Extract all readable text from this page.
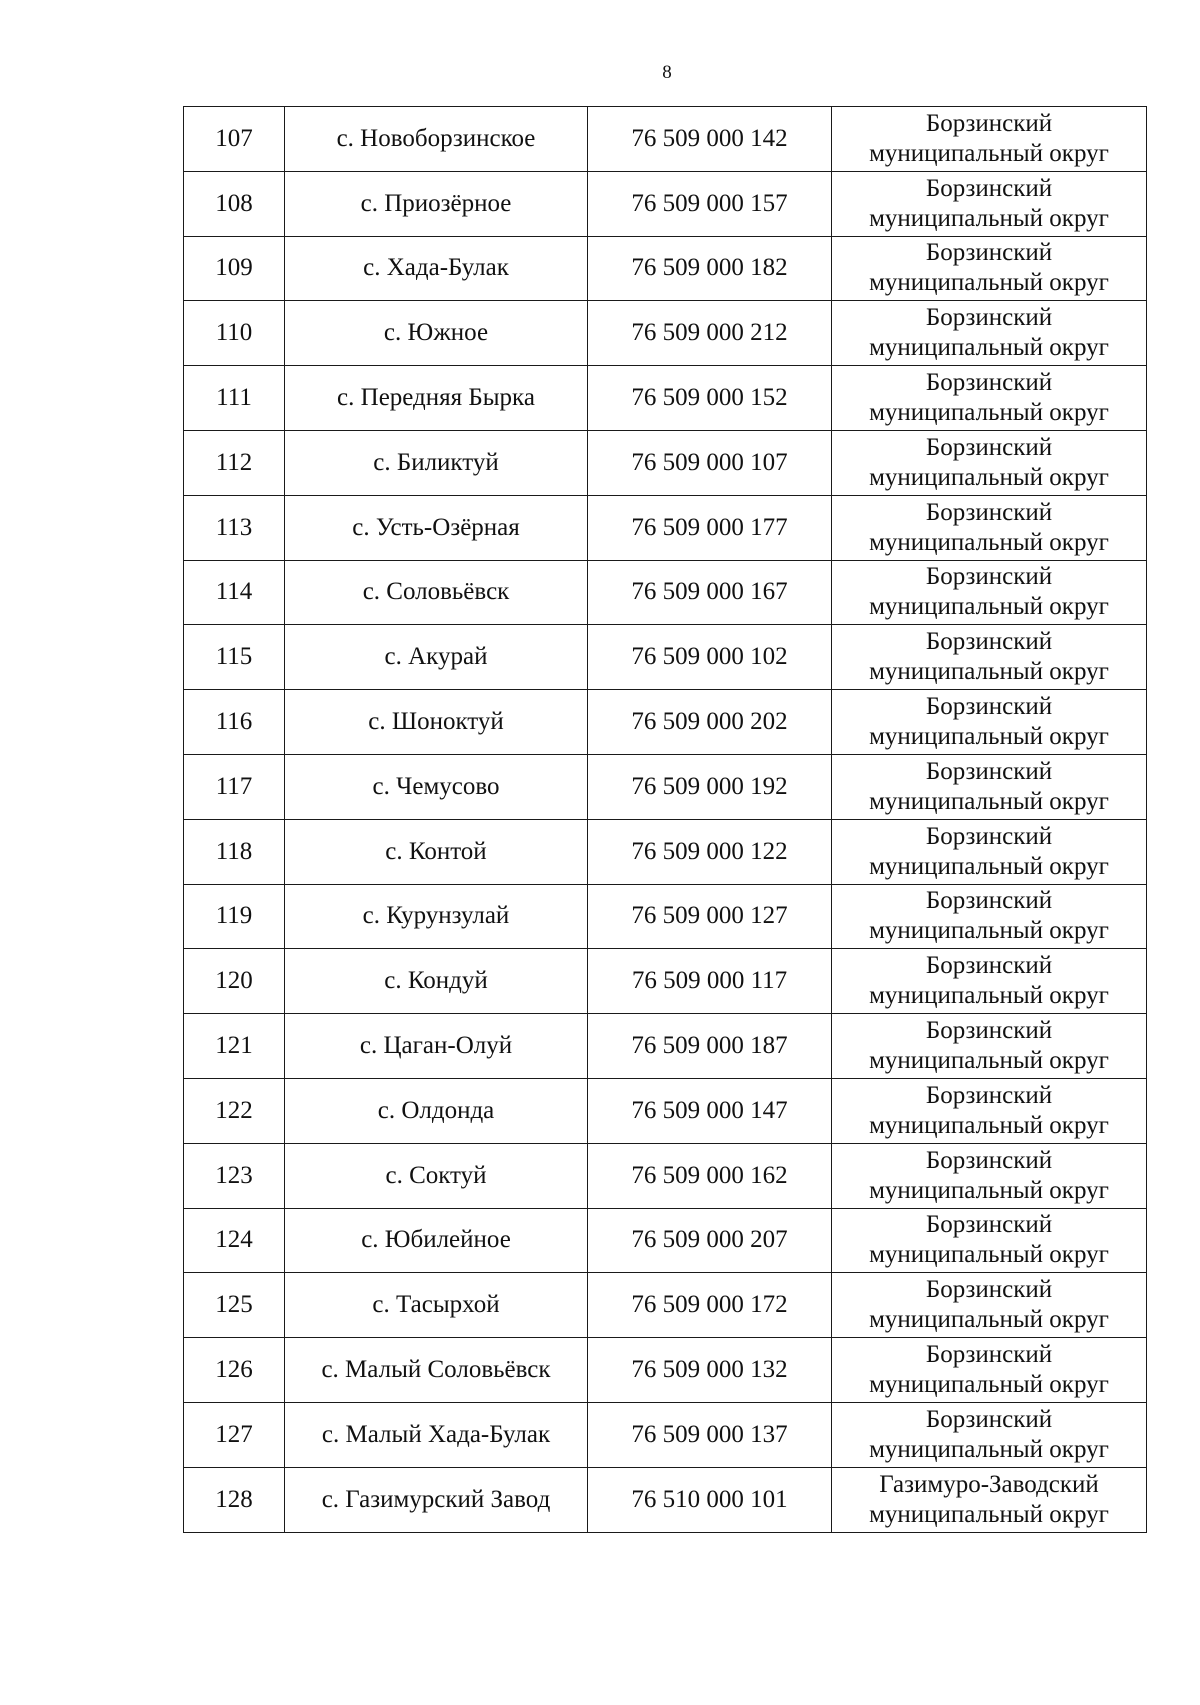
8
107	с. Новоборзинское	76 509 000 142	Борзинский
муниципальный округ

108	с. Приозёрное	76 509 000 157	Борзинский
муниципальный округ

109	с. Хада-Булак	76 509 000 182	Борзинский
муниципальный округ

110	с. Южное	76 509 000 212	Борзинский
муниципальный округ

111	с. Передняя Бырка	76 509 000 152	Борзинский
муниципальный округ

112	с. Биликтуй	76 509 000 107	Борзинский
муниципальный округ

113	с. Усть-Озёрная	76 509 000 177	Борзинский
муниципальный округ

114	с. Соловьёвск	76 509 000 167	Борзинский
муниципальный округ

115	с. Акурай	76 509 000 102	Борзинский
муниципальный округ

116	с. Шоноктуй	76 509 000 202	Борзинский
муниципальный округ

117	с. Чемусово	76 509 000 192	Борзинский
муниципальный округ

118	с. Контой	76 509 000 122	Борзинский
муниципальный округ

119	с. Курунзулай	76 509 000 127	Борзинский
муниципальный округ

120	с. Кондуй	76 509 000 117	Борзинский
муниципальный округ

121	с. Цаган-Олуй	76 509 000 187	Борзинский
муниципальный округ

122	с. Олдонда	76 509 000 147	Борзинский
муниципальный округ

123	с. Соктуй	76 509 000 162	Борзинский
муниципальный округ

124	с. Юбилейное	76 509 000 207	Борзинский
муниципальный округ

125	с. Тасырхой	76 509 000 172	Борзинский
муниципальный округ

126	с. Малый Соловьёвск	76 509 000 132	Борзинский
муниципальный округ

127	с. Малый Хада-Булак	76 509 000 137	Борзинский
муниципальный округ

128	с. Газимурский Завод	76 510 000 101	Газимуро-Заводский
муниципальный округ
